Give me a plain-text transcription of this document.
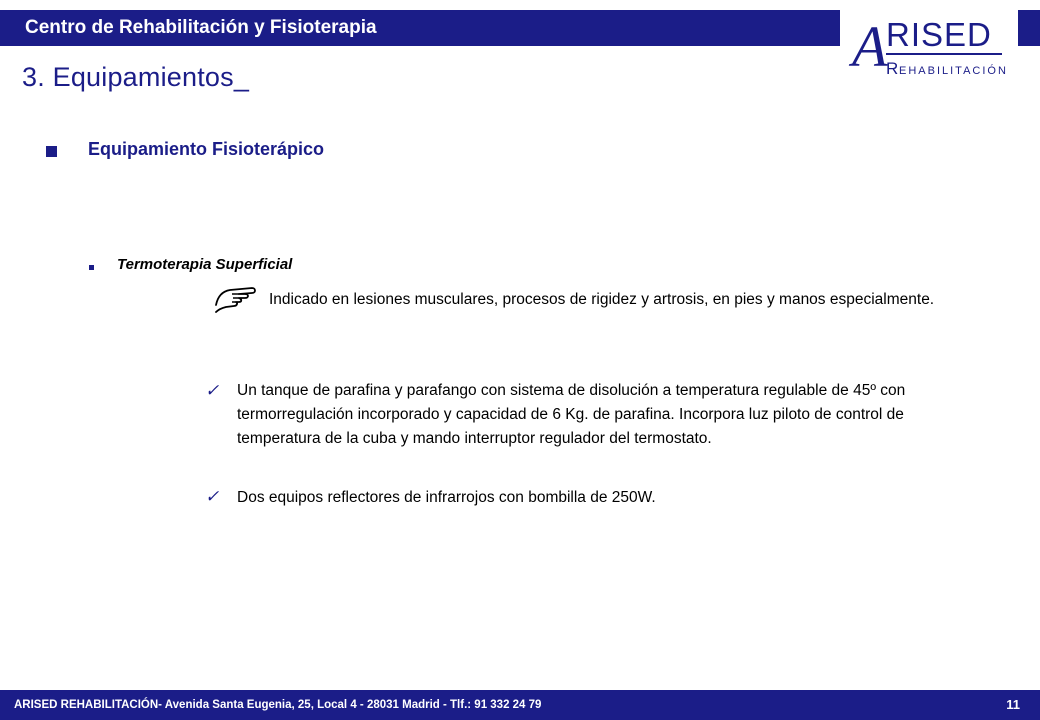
Centro de Rehabilitación y Fisioterapia	A
RISED
R EHABILITACIÓN
3. Equipamientos_
Equipamiento Fisioterápico
Termoterapia Superficial
Indicado en lesiones musculares, procesos de rigidez y artrosis, en pies y manos especialmente.
✓ Un tanque de parafina y parafango con sistema de disolución a temperatura regulable de 45º con termorregulación incorporado y capacidad de 6 Kg. de parafina. Incorpora luz piloto de control de temperatura de la cuba y mando interruptor regulador del termostato.
✓ Dos equipos reflectores de infrarrojos con bombilla de 250W.
ARISED REHABILITACIÓN- Avenida Santa Eugenia, 25, Local 4 - 28031 Madrid - Tlf.: 91 332 24 79	11
